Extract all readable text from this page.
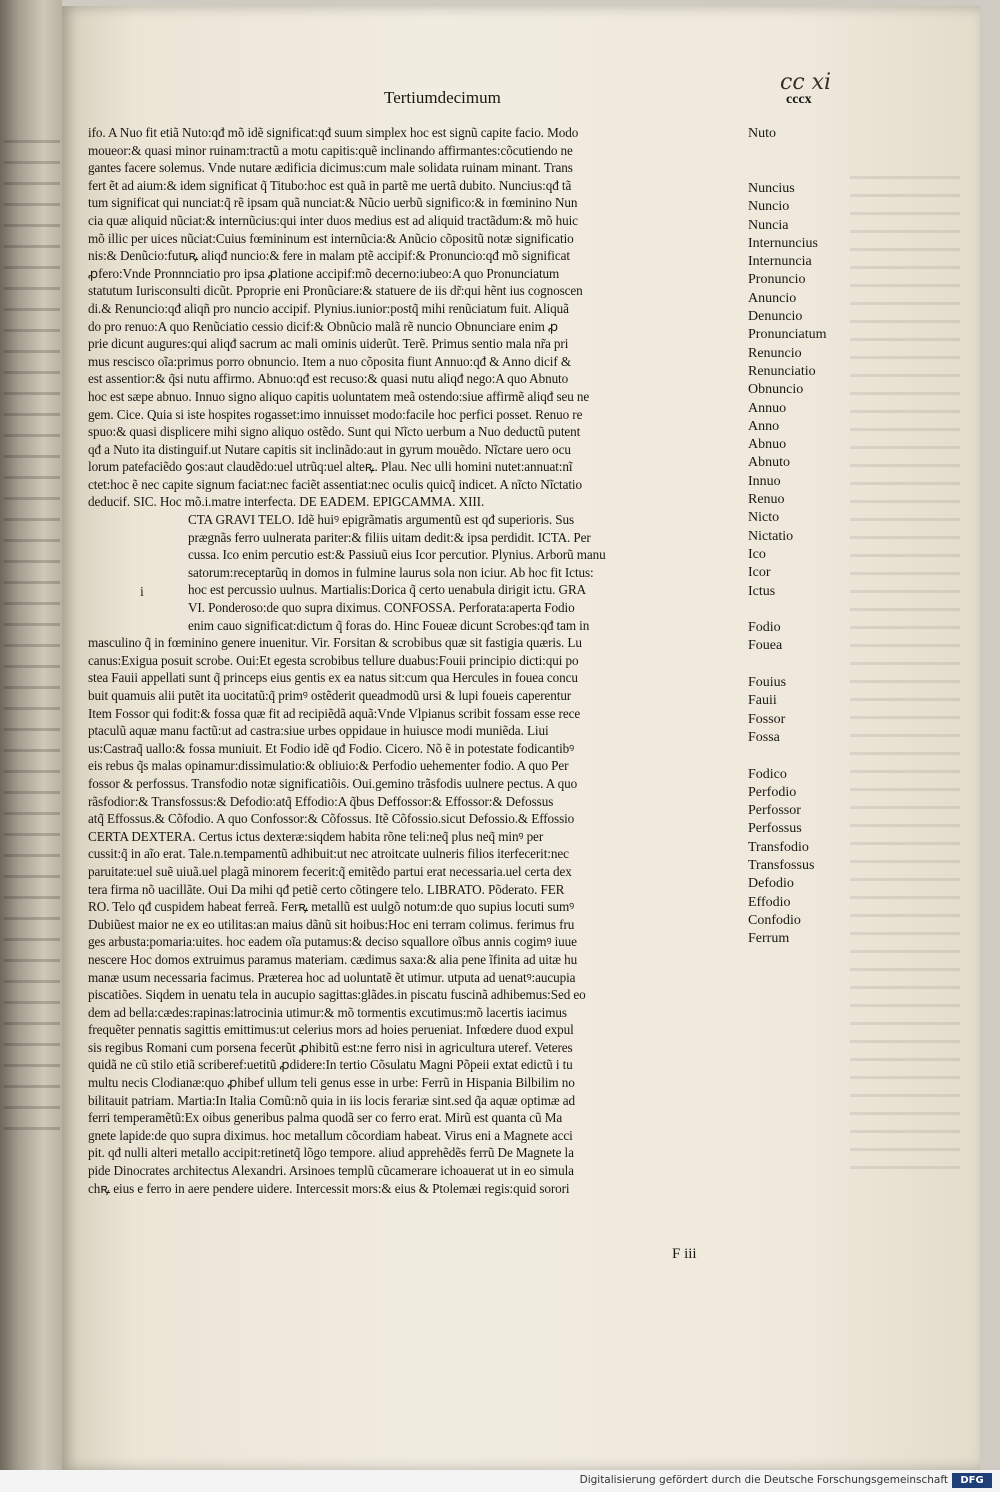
cc xi
cccx
Tertiumdecimum
ifo. A Nuo fit etiã Nuto:qđ mõ idẽ significat:qđ suum simplex hoc est signũ capite facio. Modo
moueor:& quasi minor ruinam:tractũ a motu capitis:quẽ inclinando affirmantes:cõcutiendo ne
gantes facere solemus. Vnde nutare ædificia dicimus:cum male solidata ruinam minant. Trans
fert ẽt ad aium:& idem significat q̃ Titubo:hoc est quã in partẽ me uertã dubito. Nuncius:qđ tã
tum significat qui nunciat:q̃ rẽ ipsam quã nunciat:& Nũcio uerbũ significo:& in fœminino Nun
cia quæ aliquid nũciat:& internũcius:qui inter duos medius est ad aliquid tractãdum:& mõ huic
mõ illic per uices nũciat:Cuius fœmininum est internũcia:& Anũcio cõpositũ notæ significatio
nis:& Denũcio:futuꝶ aliqđ nuncio:& fere in malam ptẽ accipif:& Pronuncio:qđ mõ significat
ꝓfero:Vnde Pronnnciatio pro ipsa ꝓlatione accipif:mõ decerno:iubeo:A quo Pronunciatum
statutum Iurisconsulti dicũt. Pproprie eni Pronũciare:& statuere de iis dr̃:qui hẽnt ius cognoscen
di.& Renuncio:qđ aliqñ pro nuncio accipif. Plynius.iunior:postq̃ mihi renũciatum fuit. Aliquã
do pro renuo:A quo Renũciatio cessio dicif:& Obnũcio malã rẽ nuncio Obnunciare enim ꝓ
prie dicunt augures:qui aliqđ sacrum ac mali ominis uiderũt. Terẽ. Primus sentio mala nr̃a pri
mus rescisco oĩa:primus porro obnuncio. Item a nuo cõposita fiunt Annuo:qđ & Anno dicif &
est assentior:& q̃si nutu affirmo. Abnuo:qđ est recuso:& quasi nutu aliqđ nego:A quo Abnuto
hoc est sæpe abnuo. Innuo signo aliquo capitis uoluntatem meã ostendo:siue affirmẽ aliqđ seu ne
gem. Cice. Quia si iste hospites rogasset:imo innuisset modo:facile hoc perfici posset. Renuo re
spuo:& quasi displicere mihi signo aliquo ostẽdo. Sunt qui Nĩcto uerbum a Nuo deductũ putent
qđ a Nuto ita distinguif.ut Nutare capitis sit inclinãdo:aut in gyrum mouẽdo. Nĩctare uero ocu
lorum patefaciẽdo ꝯos:aut claudẽdo:uel utrũq:uel alteꝶ. Plau. Nec ulli homini nutet:annuat:nĩ
ctet:hoc ẽ nec capite signum faciat:nec faciẽt assentiat:nec oculis quicq̃ indicet. A nĩcto Nĩctatio
deducif. SIC. Hoc mõ.i.matre interfecta. DE EADEM. EPIGCAMMA. XIII.
CTA GRAVI TELO. Idẽ huiꝰ epigrãmatis argumentũ est qđ superioris. Sus
prægnãs ferro uulnerata pariter:& filiis uitam dedit:& ipsa perdidit. ICTA. Per
cussa. Ico enim percutio est:& Passiuũ eius Icor percutior. Plynius. Arborũ manu
satorum:receptarũq in domos in fulmine laurus sola non iciur. Ab hoc fit Ictus:
hoc est percussio uulnus. Martialis:Dorica q̃ certo uenabula dirigit ictu. GRA
VI. Ponderoso:de quo supra diximus. CONFOSSA. Perforata:aperta Fodio
enim cauo significat:dictum q̃ foras do. Hinc Foueæ dicunt Scrobes:qđ tam in
masculino q̃ in fœminino genere inuenitur. Vir. Forsitan & scrobibus quæ sit fastigia quæris. Lu
canus:Exigua posuit scrobe. Oui:Et egesta scrobibus tellure duabus:Fouii principio dicti:qui po
stea Fauii appellati sunt q̃ princeps eius gentis ex ea natus sit:cum qua Hercules in fouea concu
buit quamuis alii putẽt ita uocitatũ:q̃ primꝰ ostẽderit queadmodũ ursi & lupi foueis caperentur
Item Fossor qui fodit:& fossa quæ fit ad recipiẽdã aquã:Vnde Vlpianus scribit fossam esse rece
ptaculũ aquæ manu factũ:ut ad castra:siue urbes oppidaue in huiusce modi muniẽda. Liui
us:Castraq̃ uallo:& fossa muniuit. Et Fodio idẽ qđ Fodio. Cicero. Nõ ẽ in potestate fodicantibꝰ
eis rebus q̃s malas opinamur:dissimulatio:& obliuio:& Perfodio uehementer fodio. A quo Per
fossor & perfossus. Transfodio notæ significatiõis. Oui.gemino trãsfodis uulnere pectus. A quo
rãsfodior:& Transfossus:& Defodio:atq̃ Effodio:A q̃bus Deffossor:& Effossor:& Defossus
atq̃ Effossus.& Cõfodio. A quo Confossor:& Cõfossus. Itẽ Cõfossio.sicut Defossio.& Effossio
CERTA DEXTERA. Certus ictus dexteræ:siqdem habita rõne teli:neq̃ plus neq̃ minꝰ per
cussit:q̃ in aĩo erat. Tale.n.tempamentũ adhibuit:ut nec atroitcate uulneris filios iterfecerit:nec
paruitate:uel suẽ uiuã.uel plagã minorem fecerit:q̃ emitẽdo partui erat necessaria.uel certa dex
tera firma nõ uacillãte. Oui Da mihi qđ petiẽ certo cõtingere telo. LIBRATO. Põderato. FER
RO. Telo qđ cuspidem habeat ferreã. Ferꝶ metallũ est uulgõ notum:de quo supius locuti sumꝰ
Dubiũest maior ne ex eo utilitas:an maius dãnũ sit hoibus:Hoc eni terram colimus. ferimus fru
ges arbusta:pomaria:uites. hoc eadem oĩa putamus:& deciso squallore oĩbus annis cogimꝰ iuue
nescere Hoc domos extruimus paramus materiam. cædimus saxa:& alia pene ĩfinita ad uitæ hu
manæ usum necessaria facimus. Præterea hoc ad uoluntatẽ ẽt utimur. utputa ad uenatꝰ:aucupia
piscatiões. Siqdem in uenatu tela in aucupio sagittas:glãdes.in piscatu fuscinã adhibemus:Sed eo
dem ad bella:cædes:rapinas:latrocinia utimur:& mõ tormentis excutimus:mõ lacertis iacimus
frequẽter pennatis sagittis emittimus:ut celerius mors ad hoies perueniat. Infœdere duod expul
sis regibus Romani cum porsena fecerũt ꝓhibitũ est:ne ferro nisi in agricultura uteref. Veteres
quidã ne cũ stilo etiã scriberef:uetitũ ꝓdidere:In tertio Cõsulatu Magni Põpeii extat edictũ i tu
multu necis Clodianæ:quo ꝓhibef ullum teli genus esse in urbe: Ferrũ in Hispania Bilbilim no
bilitauit patriam. Martia:In Italia Comũ:nõ quia in iis locis ferariæ sint.sed q̃a aquæ optimæ ad
ferri temperamẽtũ:Ex oibus generibus palma quodã ser co ferro erat. Mirũ est quanta cũ Ma
gnete lapide:de quo supra diximus. hoc metallum cõcordiam habeat. Virus eni a Magnete acci
pit. qđ nulli alteri metallo accipit:retinetq̃ lõgo tempore. aliud apprehẽdẽs ferrũ De Magnete la
pide Dinocrates architectus Alexandri. Arsinoes templũ cũcamerare ichoauerat ut in eo simula
chꝶ eius e ferro in aere pendere uidere. Intercessit mors:& eius & Ptolemæi regis:quid sorori
Nuto
Nuncius
Nuncio
Nuncia
Internuncius
Internuncia
Pronuncio
Anuncio
Denuncio
Pronunciatum
Renuncio
Renunciatio
Obnuncio
Annuo
Anno
Abnuo
Abnuto
Innuo
Renuo
Nicto
Nictatio
Ico
Icor
Ictus
Fodio
Fouea
Fouius
Fauii
Fossor
Fossa
Fodico
Perfodio
Perfossor
Perfossus
Transfodio
Transfossus
Defodio
Effodio
Confodio
Ferrum
i
F iii
Digitalisierung gefördert durch die Deutsche Forschungsgemeinschaft	DFG
